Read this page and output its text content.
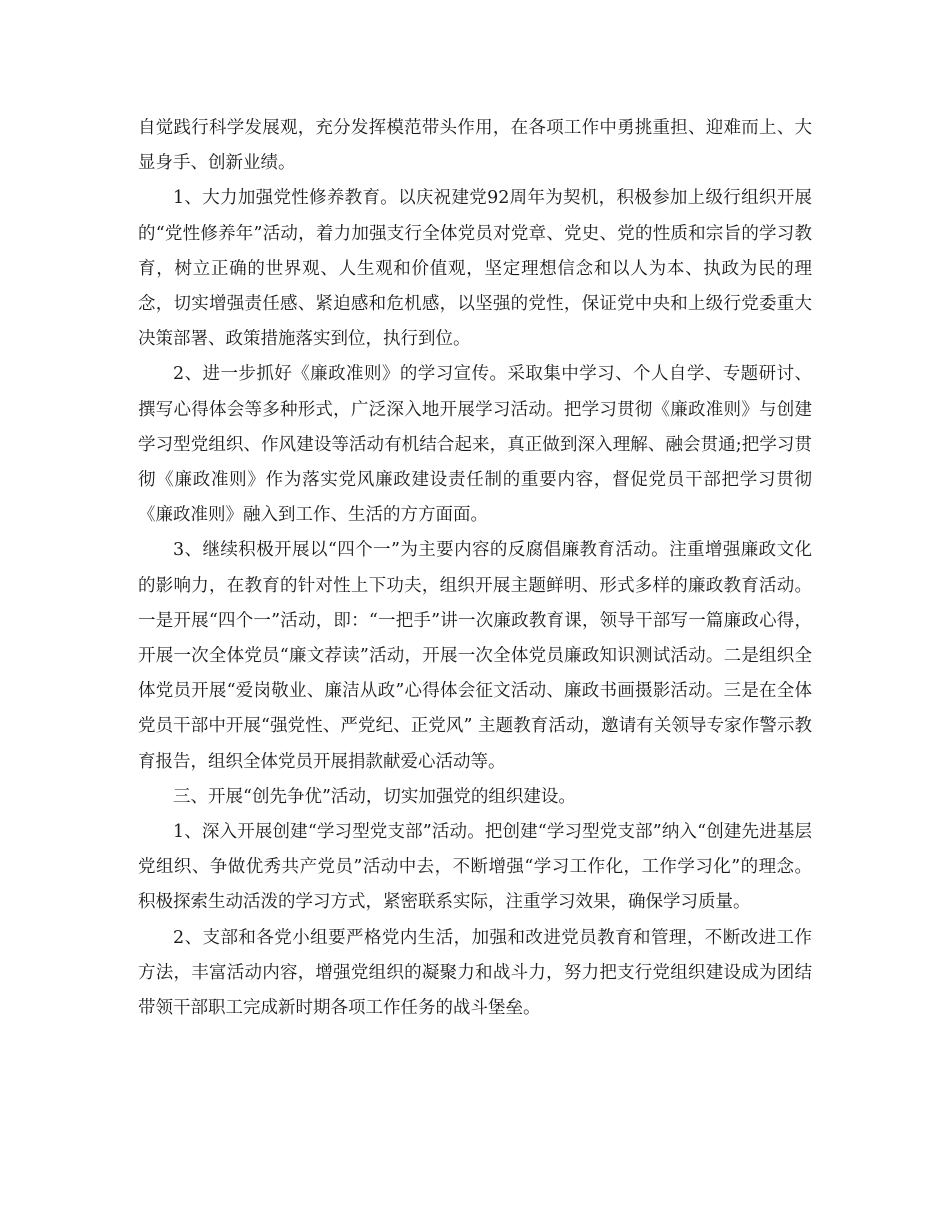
自觉践行科学发展观，充分发挥模范带头作用，在各项工作中勇挑重担、迎难而上、大显身手、创新业绩。

1、大力加强党性修养教育。以庆祝建党92周年为契机，积极参加上级行组织开展的“党性修养年”活动，着力加强支行全体党员对党章、党史、党的性质和宗旨的学习教育，树立正确的世界观、人生观和价值观，坚定理想信念和以人为本、执政为民的理念，切实增强责任感、紧迫感和危机感，以坚强的党性，保证党中央和上级行党委重大决策部署、政策措施落实到位，执行到位。

2、进一步抓好《廉政准则》的学习宣传。采取集中学习、个人自学、专题研讨、撰写心得体会等多种形式，广泛深入地开展学习活动。把学习贯彻《廉政准则》与创建学习型党组织、作风建设等活动有机结合起来，真正做到深入理解、融会贯通;把学习贯彻《廉政准则》作为落实党风廉政建设责任制的重要内容，督促党员干部把学习贯彻《廉政准则》融入到工作、生活的方方面面。

3、继续积极开展以“四个一”为主要内容的反腐倡廉教育活动。注重增强廉政文化的影响力，在教育的针对性上下功夫，组织开展主题鲜明、形式多样的廉政教育活动。一是开展“四个一”活动，即：“一把手”讲一次廉政教育课，领导干部写一篇廉政心得，开展一次全体党员“廉文荐读”活动，开展一次全体党员廉政知识测试活动。二是组织全体党员开展“爱岗敬业、廉洁从政”心得体会征文活动、廉政书画摄影活动。三是在全体党员干部中开展“强党性、严党纪、正党风” 主题教育活动，邀请有关领导专家作警示教育报告，组织全体党员开展捐款献爱心活动等。

三、开展“创先争优”活动，切实加强党的组织建设。

1、深入开展创建“学习型党支部”活动。把创建“学习型党支部”纳入“创建先进基层党组织、争做优秀共产党员”活动中去，不断增强“学习工作化，工作学习化”的理念。积极探索生动活泼的学习方式，紧密联系实际，注重学习效果，确保学习质量。

2、支部和各党小组要严格党内生活，加强和改进党员教育和管理，不断改进工作方法，丰富活动内容，增强党组织的凝聚力和战斗力，努力把支行党组织建设成为团结带领干部职工完成新时期各项工作任务的战斗堡垒。
